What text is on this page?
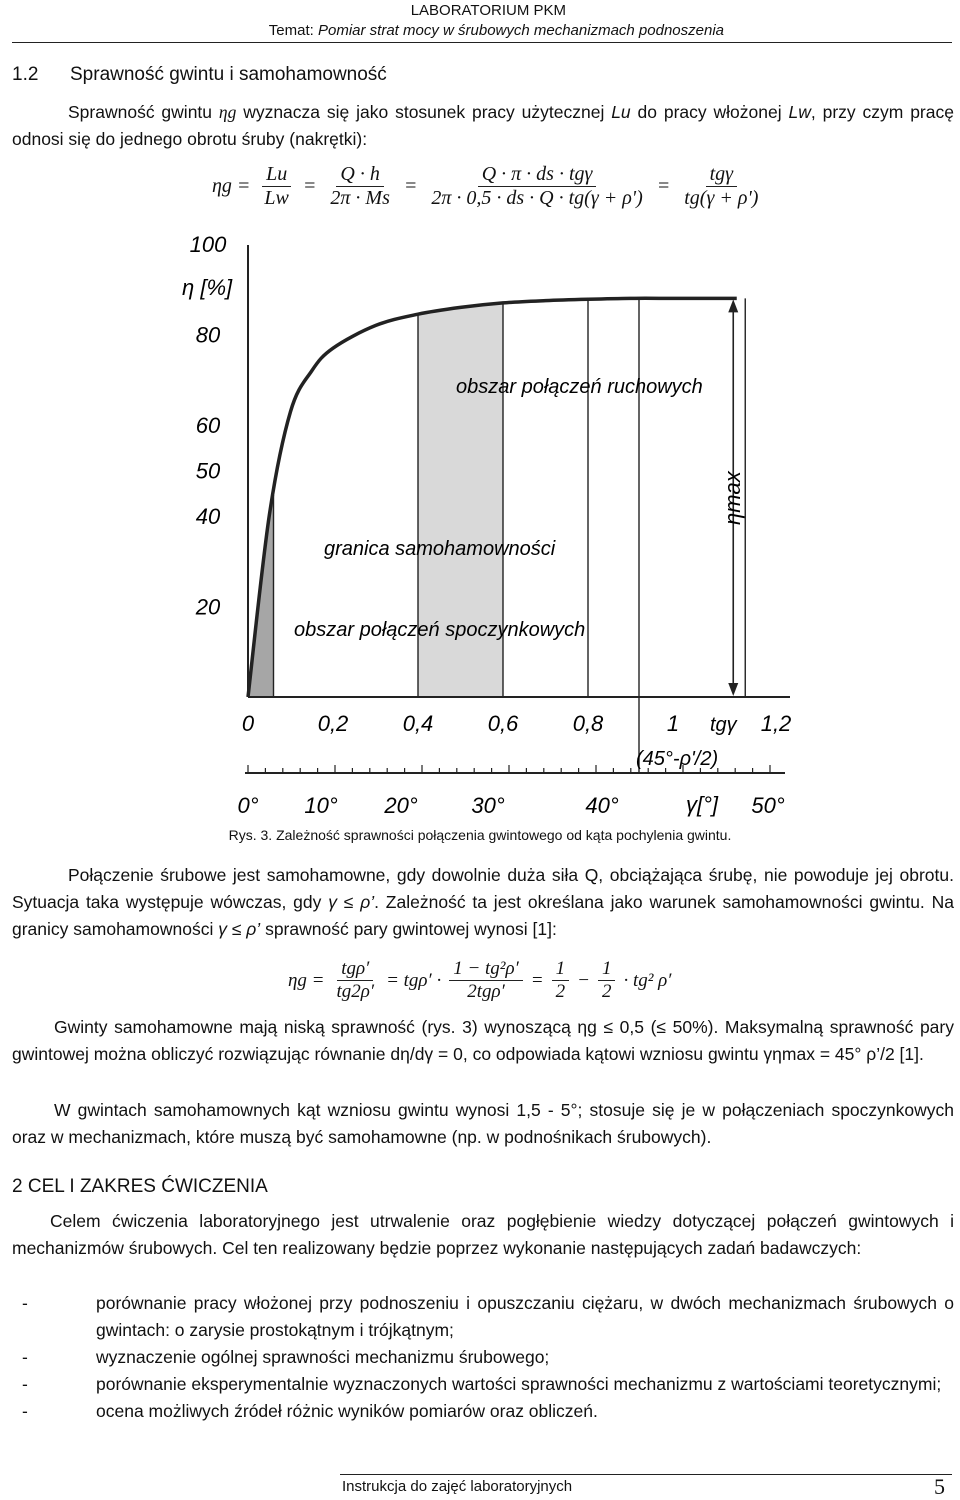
LABORATORIUM PKM
Temat: Pomiar strat mocy w śrubowych mechanizmach podnoszenia
1.2 Sprawność gwintu i samohamowność
Sprawność gwintu ηg wyznacza się jako stosunek pracy użytecznej Lu do pracy włożonej Lw, przy czym pracę odnosi się do jednego obrotu śruby (nakrętki):
$\eta g = \frac{Lu}{Lw} = \frac{Q \cdot h}{2\pi \cdot Ms} = \frac{\text{Q · π · ds · tgγ}}{2\pi \cdot 0,5 \cdot ds \cdot Q \cdot tg(\gamma + \rho')} = \frac{\text{tgγ}}{tg(\gamma + \rho')}$
100
80
60
50
40
20
0	0,2 0,4 0,6 0,8	1	1,2
0° 10° 20° 30°	40°	50°
η [%]
tgγ
γ[°]
(45°-ρ'/2)
obszar połączeń ruchowych
granica samohamowności
obszar połączeń spoczynkowych
ηmax
Rys. 3. Zależność sprawności połączenia gwintowego od kąta pochylenia gwintu.
Połączenie śrubowe jest samohamowne, gdy dowolnie duża siła Q, obciążająca śrubę, nie powoduje jej obrotu. Sytuacja taka występuje wówczas, gdy γ ≤ ρ’. Zależność ta jest określana jako warunek samohamowności gwintu. Na granicy samohamowności γ ≤ ρ’ sprawność pary gwintowej wynosi [1]:
$\eta g = \frac{\text{tgρ′}}{tg2\rho'} = tg\rho' \cdot \frac{\text{1 − tg²ρ′}}{\text{2tgρ′}} = \frac{1}{2} - \frac{1}{2} \cdot tg^2$ ρ′
Gwinty samohamowne mają niską sprawność (rys. 3) wynoszącą ηg ≤ 0,5 (≤ 50%). Maksymalną sprawność pary gwintowej można obliczyć rozwiązując równanie dη/dγ = 0, co odpowiada kątowi wzniosu gwintu γηmax = 45° ρ’/2 [1].
W gwintach samohamownych kąt wzniosu gwintu wynosi 1,5 - 5°; stosuje się je w połączeniach spoczynkowych oraz w mechanizmach, które muszą być samohamowne (np. w podnośnikach śrubowych).
2 CEL I ZAKRES ĆWICZENIA
Celem ćwiczenia laboratoryjnego jest utrwalenie oraz pogłębienie wiedzy dotyczącej połączeń gwintowych i mechanizmów śrubowych. Cel ten realizowany będzie poprzez wykonanie następujących zadań badawczych:
-	porównanie pracy włożonej przy podnoszeniu i opuszczaniu ciężaru, w dwóch mechanizmach śrubowych o gwintach: o zarysie prostokątnym i trójkątnym;
-	wyznaczenie ogólnej sprawności mechanizmu śrubowego;
-	porównanie eksperymentalnie wyznaczonych wartości sprawności mechanizmu z wartościami teoretycznymi;
-	ocena możliwych źródeł różnic wyników pomiarów oraz obliczeń.
Instrukcja do zajęć laboratoryjnych	5
